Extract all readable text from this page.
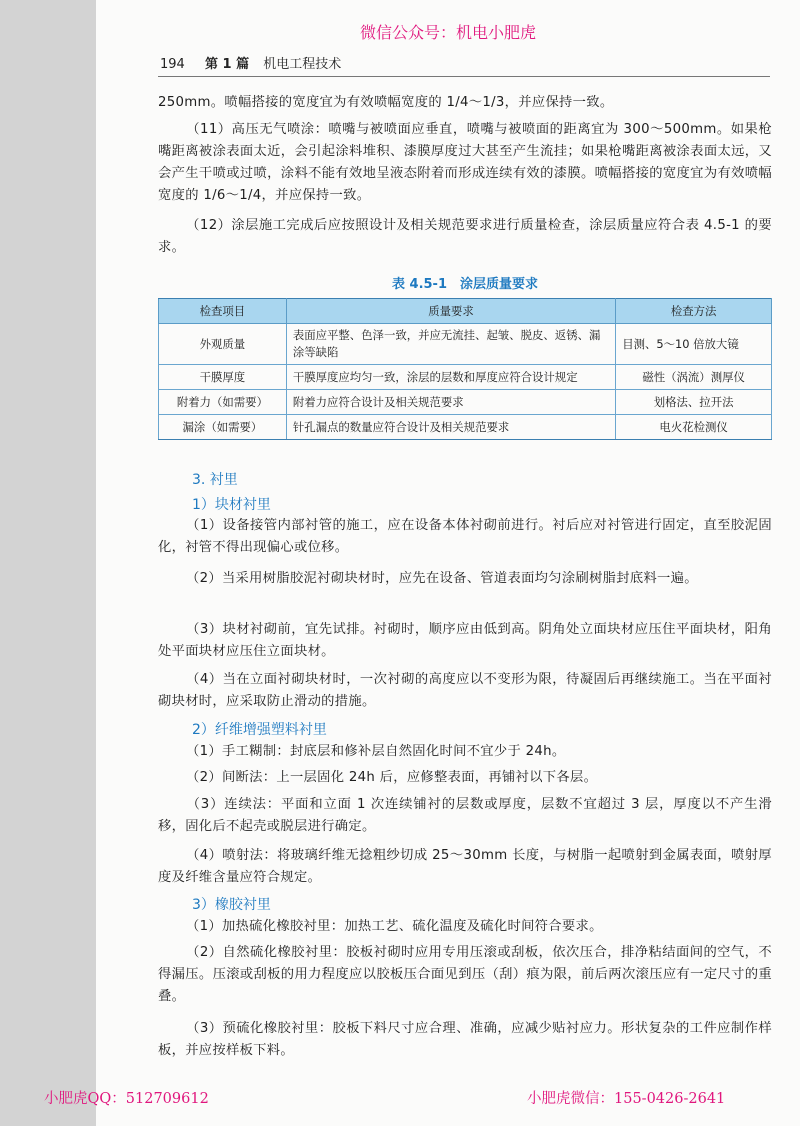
微信公众号：机电小肥虎
194 第 1 篇 机电工程技术
250mm。喷幅搭接的宽度宜为有效喷幅宽度的 1/4～1/3，并应保持一致。
（11）高压无气喷涂：喷嘴与被喷面应垂直，喷嘴与被喷面的距离宜为 300～500mm。如果枪嘴距离被涂表面太近，会引起涂料堆积、漆膜厚度过大甚至产生流挂；如果枪嘴距离被涂表面太远，又会产生干喷或过喷，涂料不能有效地呈液态附着而形成连续有效的漆膜。喷幅搭接的宽度宜为有效喷幅宽度的 1/6～1/4，并应保持一致。
（12）涂层施工完成后应按照设计及相关规范要求进行质量检查，涂层质量应符合表 4.5-1 的要求。
表 4.5-1　涂层质量要求
检查项目	质量要求	检查方法
外观质量	表面应平整、色泽一致，并应无流挂、起皱、脱皮、返锈、漏涂等缺陷	目测、5～10 倍放大镜
干膜厚度	干膜厚度应均匀一致，涂层的层数和厚度应符合设计规定	磁性（涡流）测厚仪
附着力（如需要）	附着力应符合设计及相关规范要求	划格法、拉开法
漏涂（如需要）	针孔漏点的数量应符合设计及相关规范要求	电火花检测仪
3. 衬里
1）块材衬里
（1）设备接管内部衬管的施工，应在设备本体衬砌前进行。衬后应对衬管进行固定，直至胶泥固化，衬管不得出现偏心或位移。
（2）当采用树脂胶泥衬砌块材时，应先在设备、管道表面均匀涂刷树脂封底料一遍。
（3）块材衬砌前，宜先试排。衬砌时，顺序应由低到高。阴角处立面块材应压住平面块材，阳角处平面块材应压住立面块材。
（4）当在立面衬砌块材时，一次衬砌的高度应以不变形为限，待凝固后再继续施工。当在平面衬砌块材时，应采取防止滑动的措施。
2）纤维增强塑料衬里
（1）手工糊制：封底层和修补层自然固化时间不宜少于 24h。
（2）间断法：上一层固化 24h 后，应修整表面，再铺衬以下各层。
（3）连续法：平面和立面 1 次连续铺衬的层数或厚度，层数不宜超过 3 层，厚度以不产生滑移，固化后不起壳或脱层进行确定。
（4）喷射法：将玻璃纤维无捻粗纱切成 25～30mm 长度，与树脂一起喷射到金属表面，喷射厚度及纤维含量应符合规定。
3）橡胶衬里
（1）加热硫化橡胶衬里：加热工艺、硫化温度及硫化时间符合要求。
（2）自然硫化橡胶衬里：胶板衬砌时应用专用压滚或刮板，依次压合，排净粘结面间的空气，不得漏压。压滚或刮板的用力程度应以胶板压合面见到压（刮）痕为限，前后两次滚压应有一定尺寸的重叠。
（3）预硫化橡胶衬里：胶板下料尺寸应合理、准确，应减少贴衬应力。形状复杂的工件应制作样板，并应按样板下料。
小肥虎QQ：512709612	小肥虎微信：155-0426-2641
